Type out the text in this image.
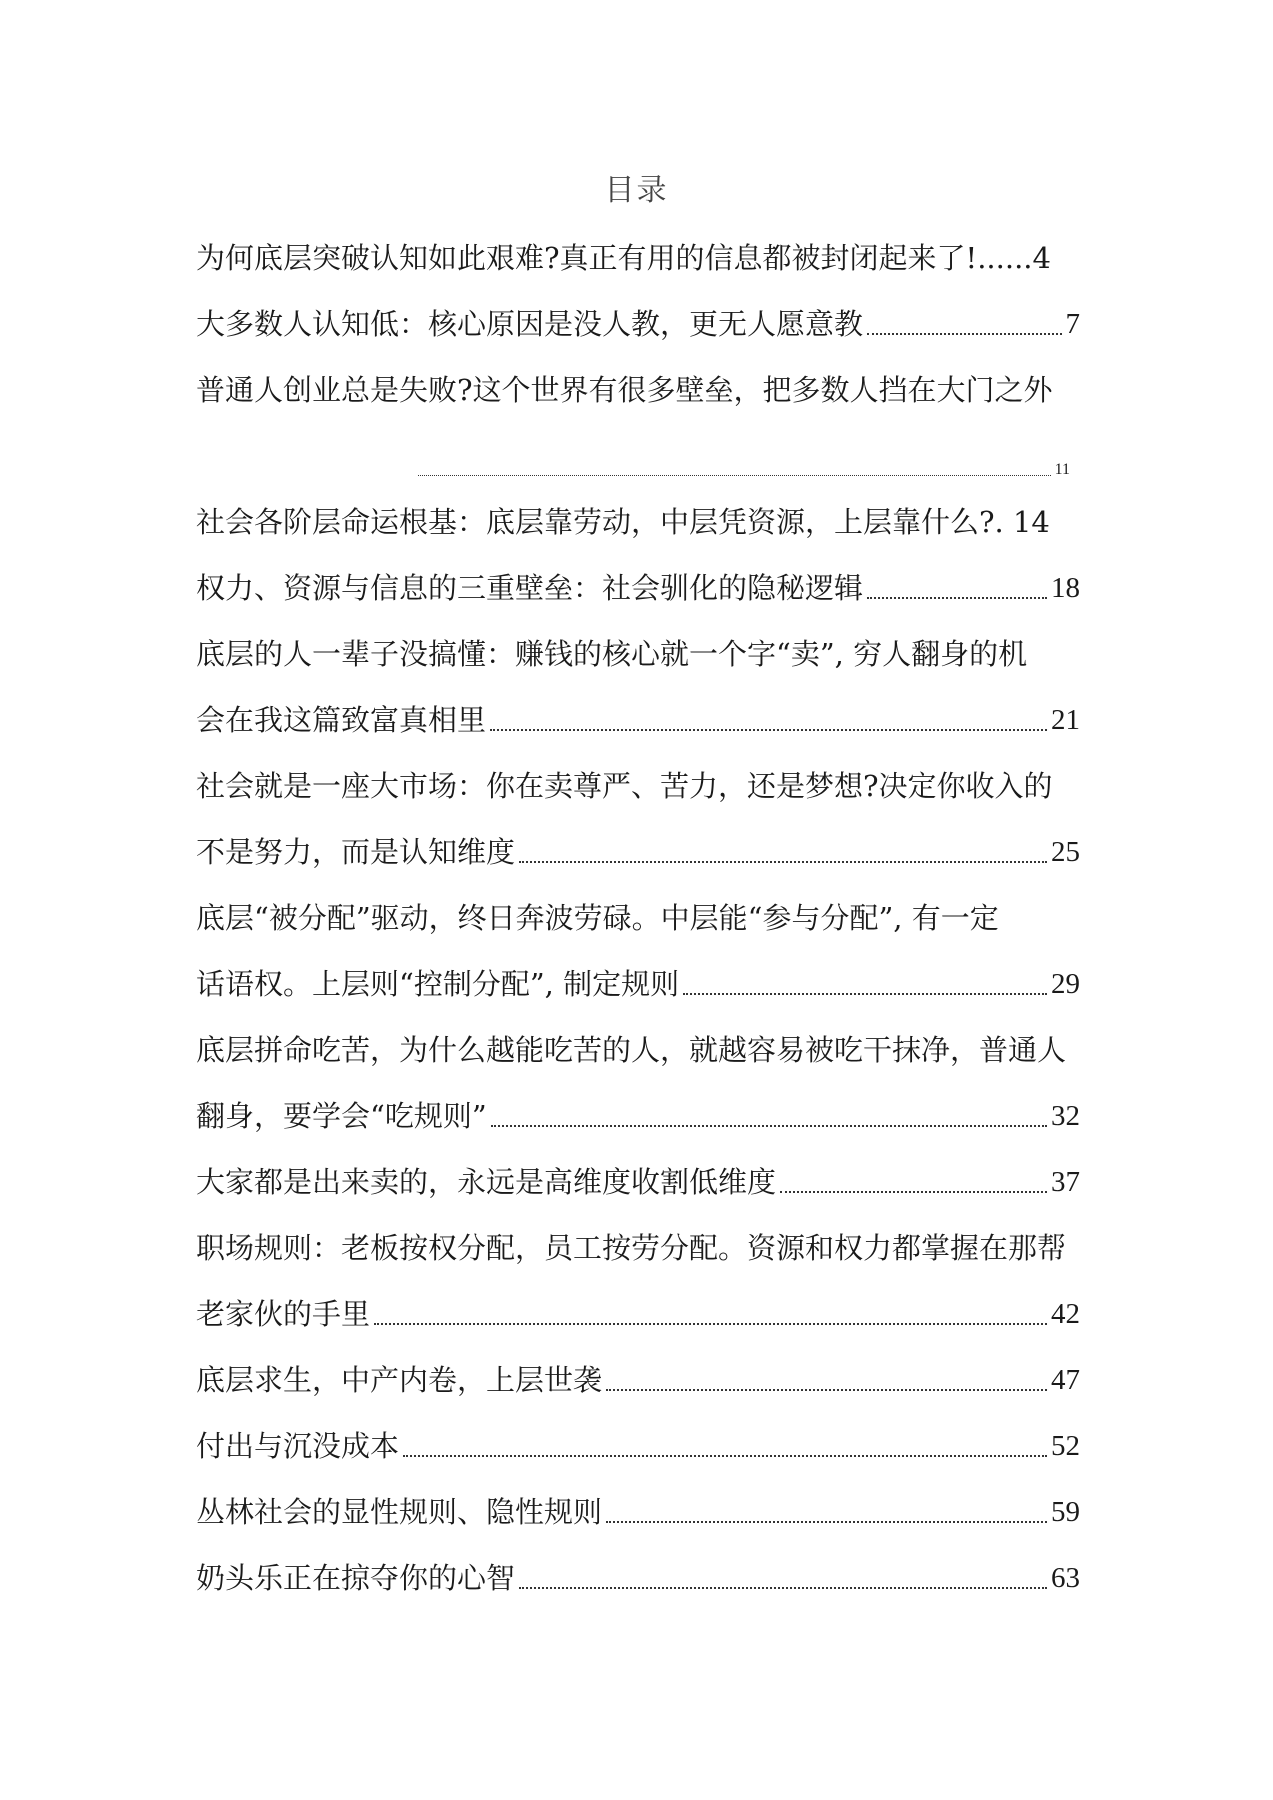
目录
为何底层突破认知如此艰难?真正有用的信息都被封闭起来了!......4
大多数人认知低：核心原因是没人教，更无人愿意教	7
普通人创业总是失败?这个世界有很多壁垒，把多数人挡在大门之外
11
社会各阶层命运根基：底层靠劳动，中层凭资源，上层靠什么?. 14
权力、资源与信息的三重壁垒：社会驯化的隐秘逻辑	18
底层的人一辈子没搞懂：赚钱的核心就一个字“卖”, 穷人翻身的机
会在我这篇致富真相里	21
社会就是一座大市场：你在卖尊严、苦力，还是梦想?决定你收入的
不是努力，而是认知维度	25
底层“被分配”驱动，终日奔波劳碌。中层能“参与分配”, 有一定
话语权。上层则“控制分配”, 制定规则	29
底层拼命吃苦，为什么越能吃苦的人，就越容易被吃干抹净，普通人
翻身，要学会“吃规则”	32
大家都是出来卖的，永远是高维度收割低维度	37
职场规则：老板按权分配，员工按劳分配。资源和权力都掌握在那帮
老家伙的手里	42
底层求生，中产内卷，上层世袭	47
付出与沉没成本	52
丛林社会的显性规则、隐性规则	59
奶头乐正在掠夺你的心智	63
